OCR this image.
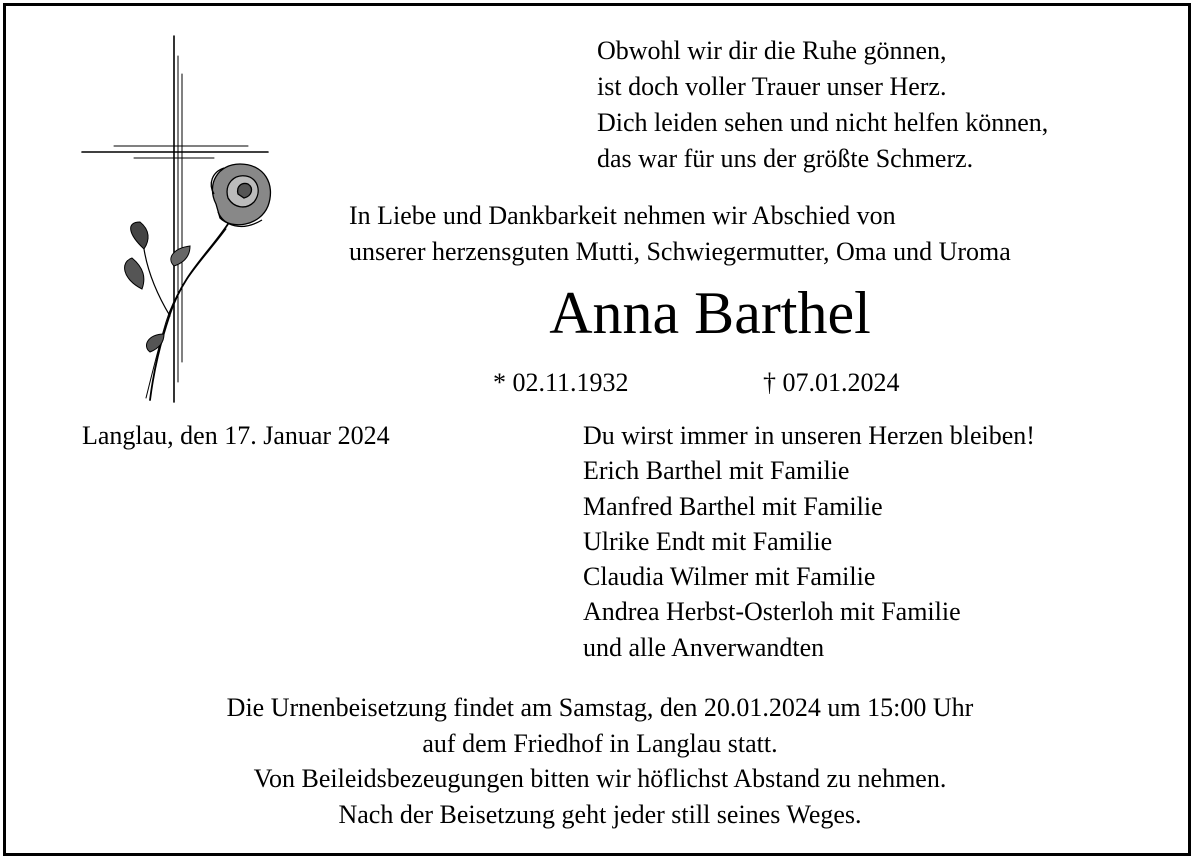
Obwohl wir dir die Ruhe gönnen,
ist doch voller Trauer unser Herz.
Dich leiden sehen und nicht helfen können,
das war für uns der größte Schmerz.
In Liebe und Dankbarkeit nehmen wir Abschied von
unserer herzensguten Mutti, Schwiegermutter, Oma und Uroma
Anna Barthel
* 02.11.1932	† 07.01.2024
Langlau, den 17. Januar 2024	Du wirst immer in unseren Herzen bleiben!
Erich Barthel mit Familie
Manfred Barthel mit Familie
Ulrike Endt mit Familie
Claudia Wilmer mit Familie
Andrea Herbst-Osterloh mit Familie
und alle Anverwandten
Die Urnenbeisetzung findet am Samstag, den 20.01.2024 um 15:00 Uhr
auf dem Friedhof in Langlau statt.
Von Beileidsbezeugungen bitten wir höflichst Abstand zu nehmen.
Nach der Beisetzung geht jeder still seines Weges.
